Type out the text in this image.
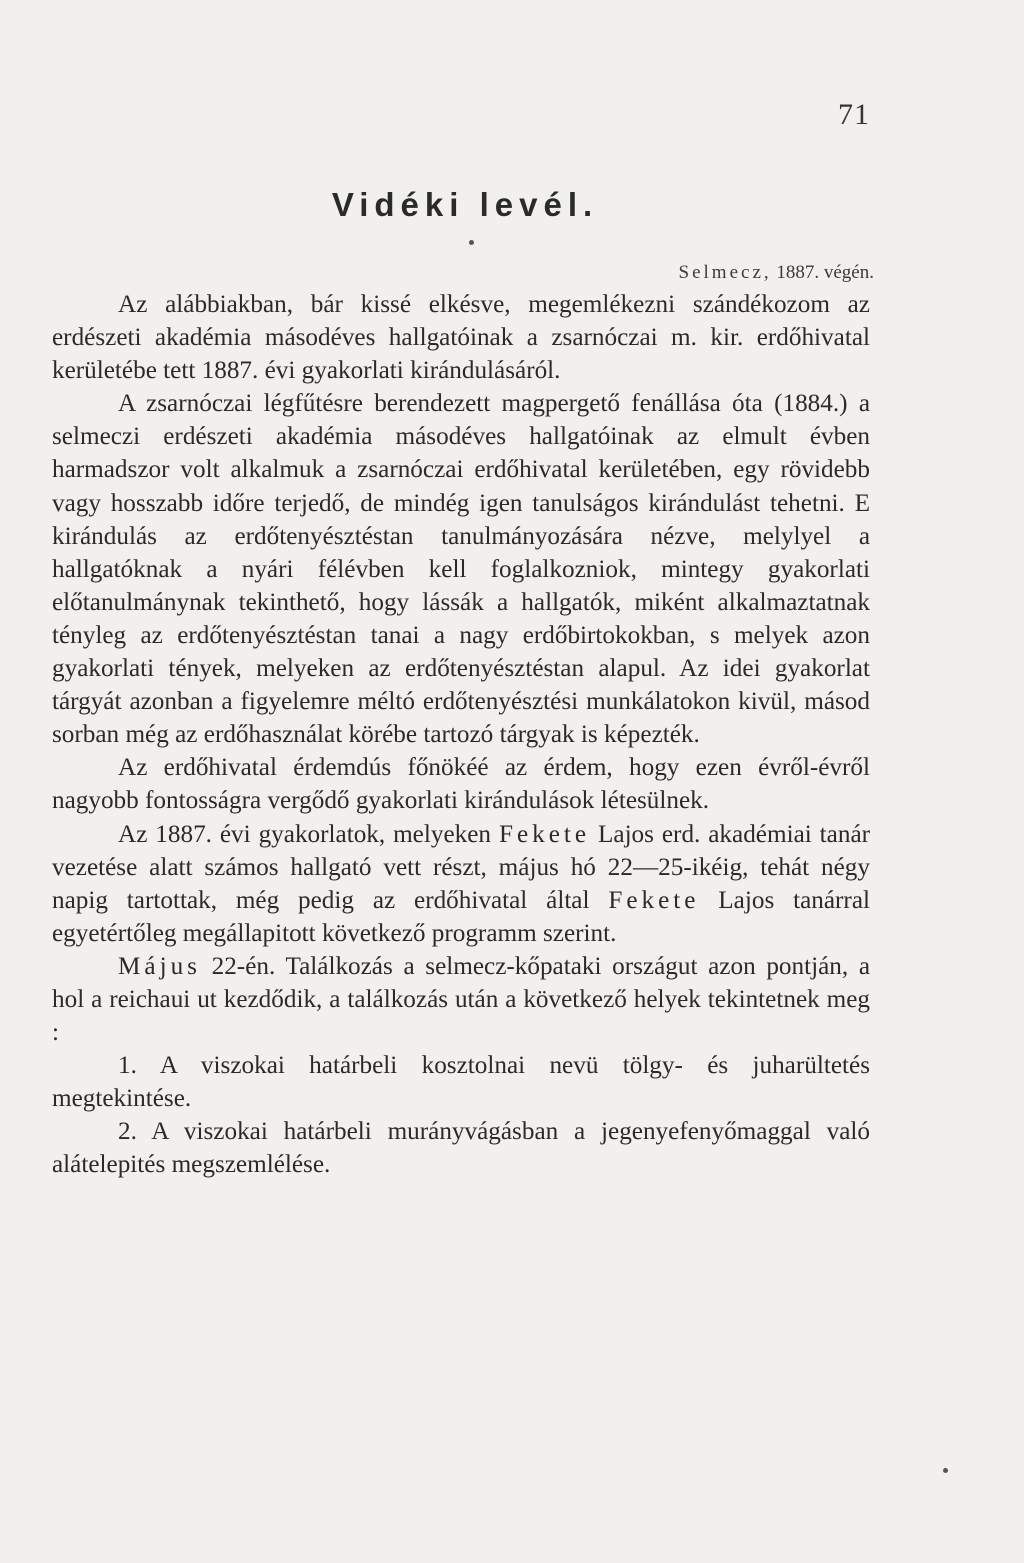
71
Vidéki levél.
Selmecz, 1887. végén.

Az alábbiakban, bár kissé elkésve, megemlékezni szándékozom az erdészeti akadémia másodéves hallgatóinak a zsarnóczai m. kir. erdőhivatal kerületébe tett 1887. évi gyakorlati kirándulásáról.

A zsarnóczai légfűtésre berendezett magpergető fenállása óta (1884.) a selmeczi erdészeti akadémia másodéves hallgatóinak az elmult évben harmadszor volt alkalmuk a zsarnóczai erdőhivatal kerületében, egy rövidebb vagy hosszabb időre terjedő, de mindég igen tanulságos kirándulást tehetni. E kirándulás az erdőtenyésztéstan tanulmányozására nézve, melylyel a hallgatóknak a nyári félévben kell foglalkozniok, mintegy gyakorlati előtanulmánynak tekinthető, hogy lássák a hallgatók, miként alkalmaztatnak tényleg az erdőtenyésztéstan tanai a nagy erdőbirtokokban, s melyek azon gyakorlati tények, melyeken az erdőtenyésztéstan alapul. Az idei gyakorlat tárgyát azonban a figyelemre méltó erdőtenyésztési munkálatokon kivül, másod sorban még az erdőhasználat körébe tartozó tárgyak is képezték.

Az erdőhivatal érdemdús főnökéé az érdem, hogy ezen évről-évről nagyobb fontosságra vergődő gyakorlati kirándulások létesülnek.

Az 1887. évi gyakorlatok, melyeken Fekete Lajos erd. akadémiai tanár vezetése alatt számos hallgató vett részt, május hó 22—25-ikéig, tehát négy napig tartottak, még pedig az erdőhivatal által Fekete Lajos tanárral egyetértőleg megállapitott következő programm szerint.

Május 22-én. Találkozás a selmecz-kőpataki országut azon pontján, a hol a reichaui ut kezdődik, a találkozás után a következő helyek tekintetnek meg :

1. A viszokai határbeli kosztolnai nevü tölgy- és juharültetés megtekintése.

2. A viszokai határbeli murányvágásban a jegenyefenyőmaggal való alátelepités megszemlélése.
